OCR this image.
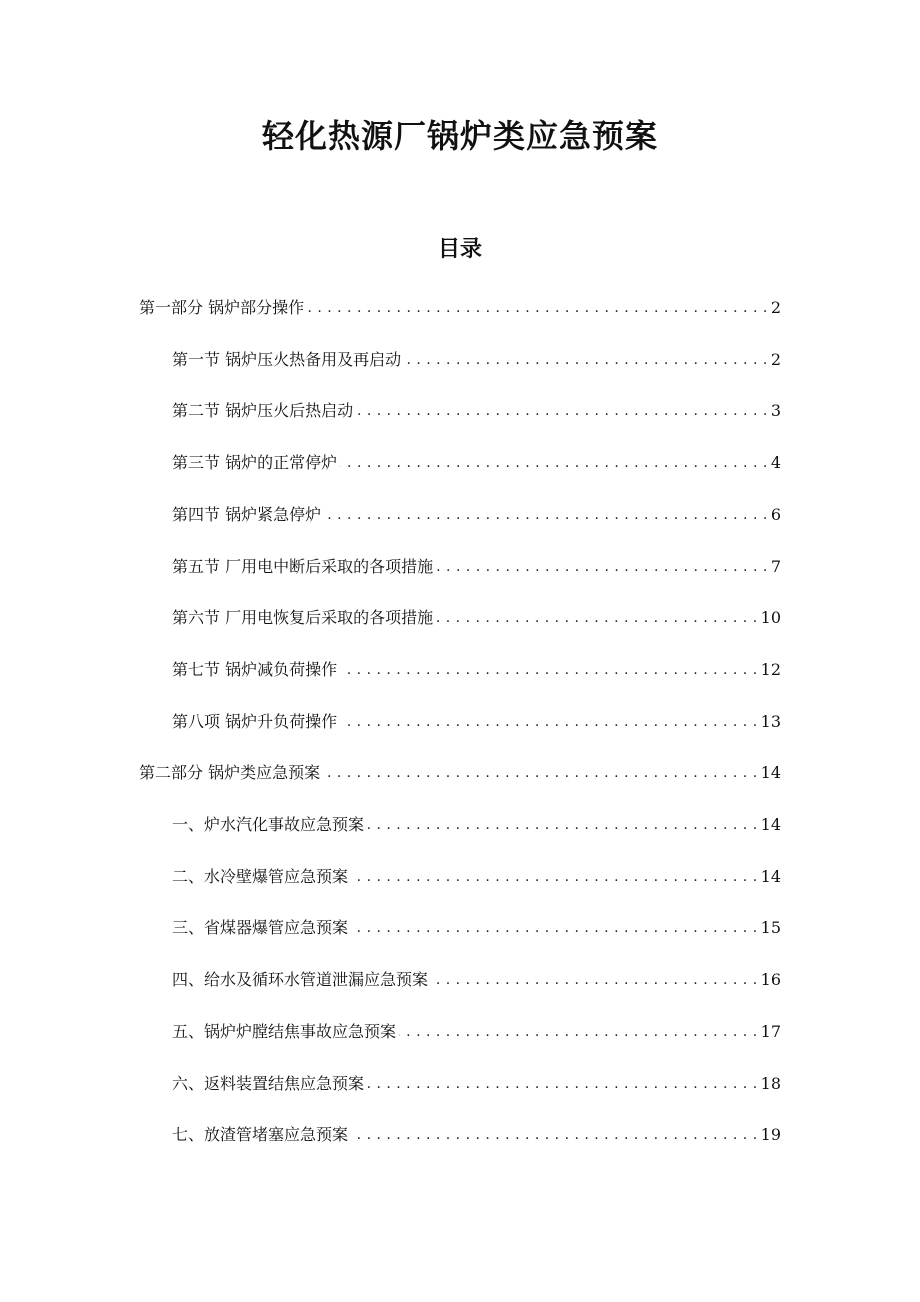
轻化热源厂锅炉类应急预案
目录
第一部分 锅炉部分操作 . . .	2
第一节 锅炉压火热备用及再启动 . . .	2
第二节 锅炉压火后热启动 . . .	3
第三节 锅炉的正常停炉 . . .	4
第四节 锅炉紧急停炉 . . .	6
第五节 厂用电中断后采取的各项措施 . . .	7
第六节 厂用电恢复后采取的各项措施 . . .	10
第七节 锅炉减负荷操作 . . .	12
第八项 锅炉升负荷操作 . . .	13
第二部分 锅炉类应急预案 . . .	14
一、炉水汽化事故应急预案 . . .	14
二、水冷壁爆管应急预案 . . .	14
三、省煤器爆管应急预案 . . .	15
四、给水及循环水管道泄漏应急预案 . . .	16
五、锅炉炉膛结焦事故应急预案 . . .	17
六、返料装置结焦应急预案 . . .	18
七、放渣管堵塞应急预案 . . .	19
